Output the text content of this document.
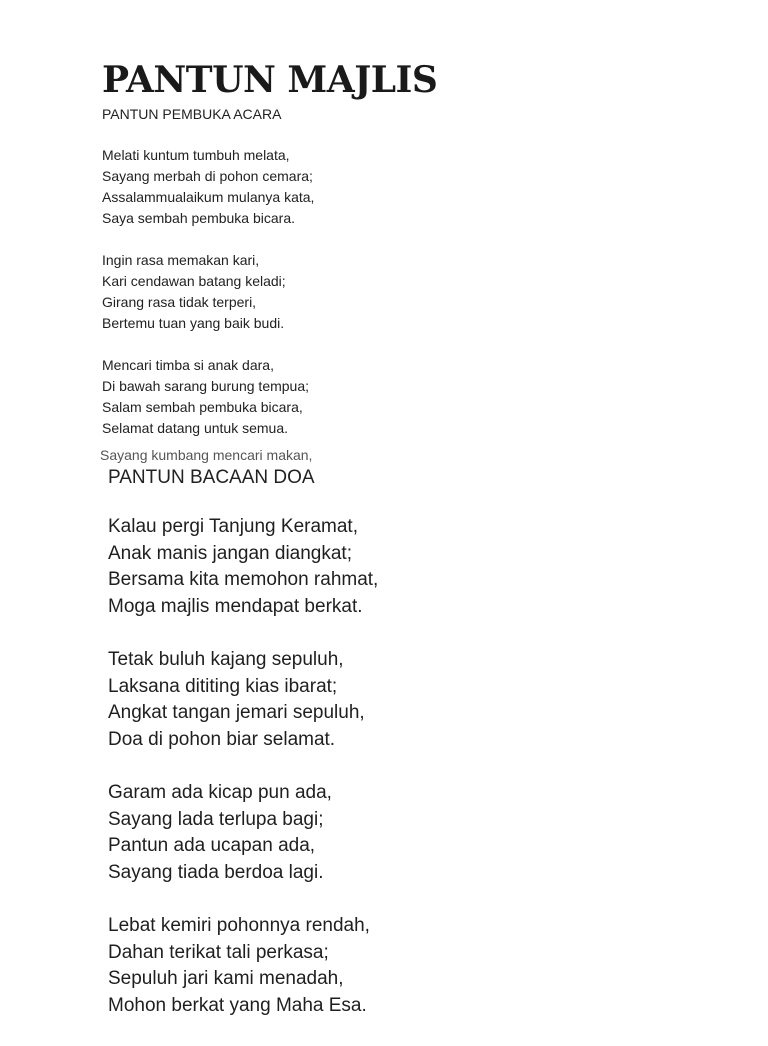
PANTUN MAJLIS
PANTUN PEMBUKA ACARA
Melati kuntum tumbuh melata,
Sayang merbah di pohon cemara;
Assalammualaikum mulanya kata,
Saya sembah pembuka bicara.
Ingin rasa memakan kari,
Kari cendawan batang keladi;
Girang rasa tidak terperi,
Bertemu tuan yang baik budi.
Mencari timba si anak dara,
Di bawah sarang burung tempua;
Salam sembah pembuka bicara,
Selamat datang untuk semua.
Sayang kumbang mencari makan,
PANTUN BACAAN DOA
Kalau pergi Tanjung Keramat,
Anak manis jangan diangkat;
Bersama kita memohon rahmat,
Moga majlis mendapat berkat.
Tetak buluh kajang sepuluh,
Laksana dititing kias ibarat;
Angkat tangan jemari sepuluh,
Doa di pohon biar selamat.
Garam ada kicap pun ada,
Sayang lada terlupa bagi;
Pantun ada ucapan ada,
Sayang tiada berdoa lagi.
Lebat kemiri pohonnya rendah,
Dahan terikat tali perkasa;
Sepuluh jari kami menadah,
Mohon berkat yang Maha Esa.
